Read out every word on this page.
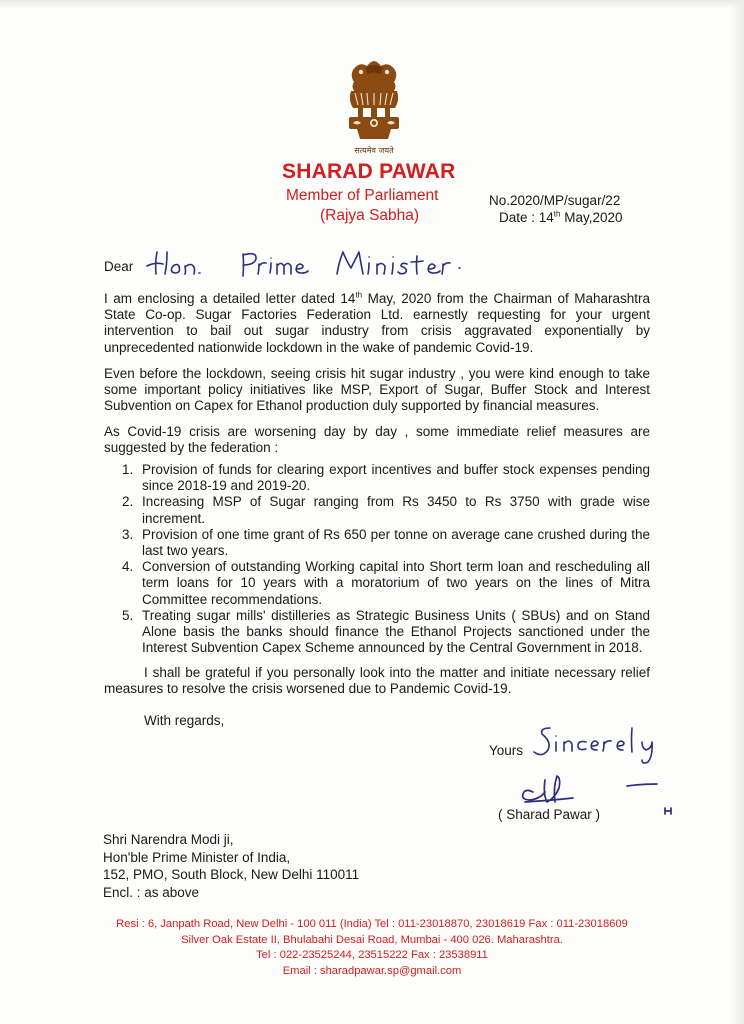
सत्यमेव जयते
SHARAD PAWAR
Member of Parliament
(Rajya Sabha)
No.2020/MP/sugar/22
Date : 14th May,2020
Dear

I am enclosing a detailed letter dated 14th May, 2020 from the Chairman of Maharashtra State Co-op. Sugar Factories Federation Ltd. earnestly requesting for your urgent intervention to bail out sugar industry from crisis aggravated exponentially by unprecedented nationwide lockdown in the wake of pandemic Covid-19.

Even before the lockdown, seeing crisis hit sugar industry , you were kind enough to take some important policy initiatives like MSP, Export of Sugar, Buffer Stock and Interest Subvention on Capex for Ethanol production duly supported by financial measures.

As Covid-19 crisis are worsening day by day , some immediate relief measures are suggested by the federation :

1. Provision of funds for clearing export incentives and buffer stock expenses pending since 2018-19 and 2019-20.
2. Increasing MSP of Sugar ranging from Rs 3450 to Rs 3750 with grade wise increment.
3. Provision of one time grant of Rs 650 per tonne on average cane crushed during the last two years.
4. Conversion of outstanding Working capital into Short term loan and rescheduling all term loans for 10 years with a moratorium of two years on the lines of Mitra Committee recommendations.
5. Treating sugar mills' distilleries as Strategic Business Units ( SBUs) and on Stand Alone basis the banks should finance the Ethanol Projects sanctioned under the Interest Subvention Capex Scheme announced by the Central Government in 2018.

I shall be grateful if you personally look into the matter and initiate necessary relief measures to resolve the crisis worsened due to Pandemic Covid-19.

With regards,
Yours
( Sharad Pawar )
Shri Narendra Modi ji,
Hon'ble Prime Minister of India,
152, PMO, South Block, New Delhi 110011
Encl. : as above
Resi : 6, Janpath Road, New Delhi - 100 011 (India) Tel : 011-23018870, 23018619 Fax : 011-23018609
Silver Oak Estate II, Bhulabahi Desai Road, Mumbai - 400 026. Maharashtra.
Tel : 022-23525244, 23515222 Fax : 23538911
Email : sharadpawar.sp@gmail.com
